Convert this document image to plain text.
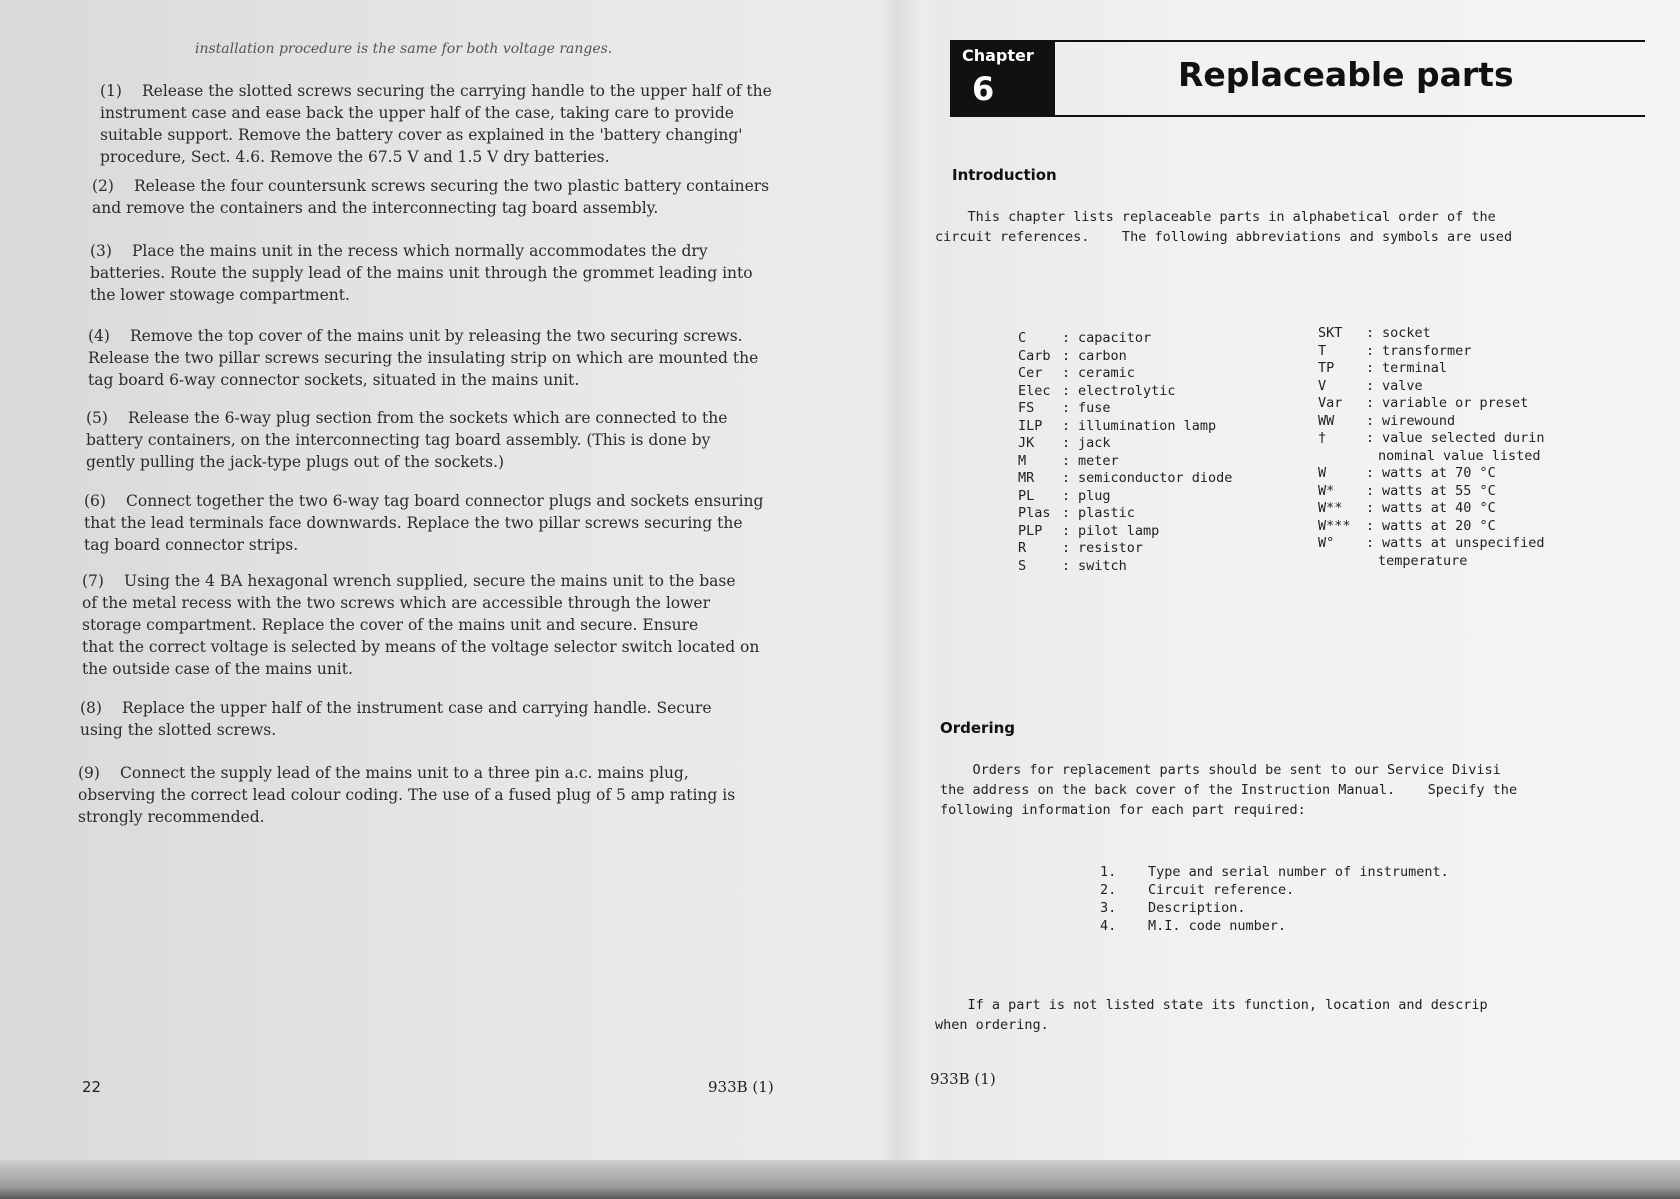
installation procedure is the same for both voltage ranges.

(1) Release the slotted screws securing the carrying handle to the upper half of the
instrument case and ease back the upper half of the case, taking care to provide
suitable support. Remove the battery cover as explained in the 'battery changing'
procedure, Sect. 4.6. Remove the 67.5 V and 1.5 V dry batteries.
(2) Release the four countersunk screws securing the two plastic battery containers
and remove the containers and the interconnecting tag board assembly.
(3) Place the mains unit in the recess which normally accommodates the dry
batteries. Route the supply lead of the mains unit through the grommet leading into
the lower stowage compartment.
(4) Remove the top cover of the mains unit by releasing the two securing screws.
Release the two pillar screws securing the insulating strip on which are mounted the
tag board 6-way connector sockets, situated in the mains unit.
(5) Release the 6-way plug section from the sockets which are connected to the
battery containers, on the interconnecting tag board assembly. (This is done by
gently pulling the jack-type plugs out of the sockets.)
(6) Connect together the two 6-way tag board connector plugs and sockets ensuring
that the lead terminals face downwards. Replace the two pillar screws securing the
tag board connector strips.
(7) Using the 4 BA hexagonal wrench supplied, secure the mains unit to the base
of the metal recess with the two screws which are accessible through the lower
storage compartment. Replace the cover of the mains unit and secure. Ensure
that the correct voltage is selected by means of the voltage selector switch located on
the outside case of the mains unit.
(8) Replace the upper half of the instrument case and carrying handle. Secure
using the slotted screws.
(9) Connect the supply lead of the mains unit to a three pin a.c. mains plug,
observing the correct lead colour coding. The use of a fused plug of 5 amp rating is
strongly recommended.
22	933B (1)
Chapter
6	Replaceable parts
Introduction
This chapter lists replaceable parts in alphabetical order of the
circuit references.    The following abbreviations and symbols are used
C	: capacitor
Carb : carbon
Cer : ceramic
Elec : electrolytic
FS : fuse
ILP : illumination lamp
JK : jack
M	: meter
MR : semiconductor diode
PL : plug
Plas : plastic
PLP : pilot lamp
R	: resistor
S	: switch
SKT : socket
T	: transformer
TP : terminal
V	: valve
Var : variable or preset
WW : wirewound
†	: value selected durin
nominal value listed
W	: watts at 70 °C
W* : watts at 55 °C
W** : watts at 40 °C
W*** : watts at 20 °C
W° : watts at unspecified
temperature
Ordering
Orders for replacement parts should be sent to our Service Divisi
the address on the back cover of the Instruction Manual.    Specify the
following information for each part required:
1. Type and serial number of instrument.
2. Circuit reference.
3. Description.
4. M.I. code number.
If a part is not listed state its function, location and descrip
when ordering.
933B (1)
